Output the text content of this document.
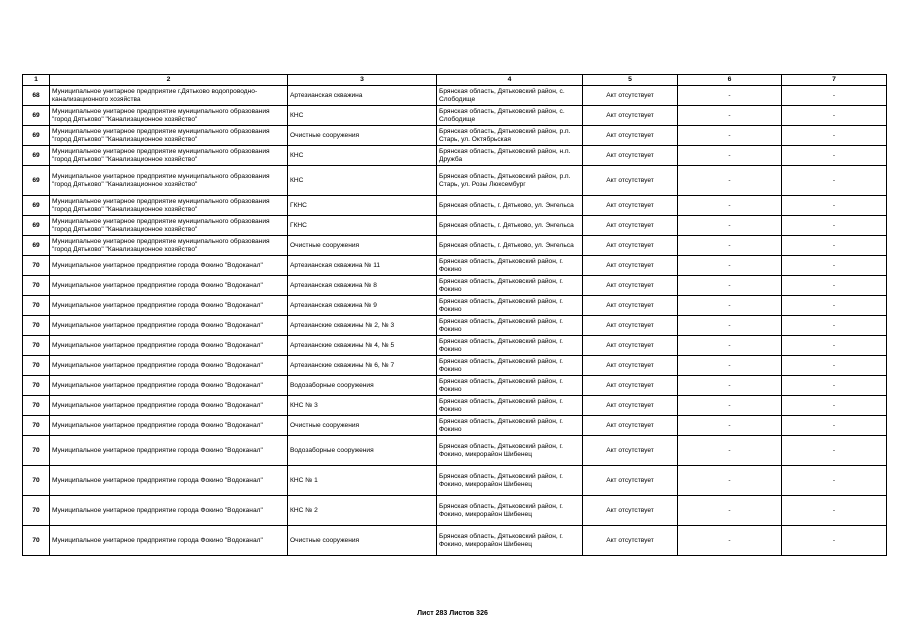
1	2	3	4	5	6	7
68	Муниципальное унитарное предприятие г.Дятьково водопроводно-канализационного хозяйства	Артезианская скважина	Брянская область, Дятьковский район, с. Слободище	Акт отсутствует	-	-
69	Муниципальное унитарное предприятие муниципального образования "город Дятьково" "Канализационное хозяйство"	КНС	Брянская область, Дятьковский район, с. Слободище	Акт отсутствует	-	-
69	Муниципальное унитарное предприятие муниципального образования "город Дятьково" "Канализационное хозяйство"	Очистные сооружения	Брянская область, Дятьковский район, р.п. Старь, ул. Октябрьская	Акт отсутствует	-	-
69	Муниципальное унитарное предприятие муниципального образования "город Дятьково" "Канализационное хозяйство"	КНС	Брянская область, Дятьковский район, н.п. Дружба	Акт отсутствует	-	-
69	Муниципальное унитарное предприятие муниципального образования "город Дятьково" "Канализационное хозяйство"	КНС	Брянская область, Дятьковский район, р.п. Старь, ул. Розы Люксембург	Акт отсутствует	-	-
69	Муниципальное унитарное предприятие муниципального образования "город Дятьково" "Канализационное хозяйство"	ГКНС	Брянская область, г. Дятьково, ул. Энгельса	Акт отсутствует	-	-
69	Муниципальное унитарное предприятие муниципального образования "город Дятьково" "Канализационное хозяйство"	ГКНС	Брянская область, г. Дятьково, ул. Энгельса	Акт отсутствует	-	-
69	Муниципальное унитарное предприятие муниципального образования "город Дятьково" "Канализационное хозяйство"	Очистные сооружения	Брянская область, г. Дятьково, ул. Энгельса	Акт отсутствует	-	-
70	Муниципальное унитарное предприятие города Фокино "Водоканал"	Артезианская скважина № 11	Брянская область, Дятьковский район, г. Фокино	Акт отсутствует	-	-
70	Муниципальное унитарное предприятие города Фокино "Водоканал"	Артезианская скважина № 8	Брянская область, Дятьковский район, г. Фокино	Акт отсутствует	-	-
70	Муниципальное унитарное предприятие города Фокино "Водоканал"	Артезианская скважина № 9	Брянская область, Дятьковский район, г. Фокино	Акт отсутствует	-	-
70	Муниципальное унитарное предприятие города Фокино "Водоканал"	Артезианские скважины № 2, № 3	Брянская область, Дятьковский район, г. Фокино	Акт отсутствует	-	-
70	Муниципальное унитарное предприятие города Фокино "Водоканал"	Артезианские скважины № 4, № 5	Брянская область, Дятьковский район, г. Фокино	Акт отсутствует	-	-
70	Муниципальное унитарное предприятие города Фокино "Водоканал"	Артезианские скважины № 6, № 7	Брянская область, Дятьковский район, г. Фокино	Акт отсутствует	-	-
70	Муниципальное унитарное предприятие города Фокино "Водоканал"	Водозаборные сооружения	Брянская область, Дятьковский район, г. Фокино	Акт отсутствует	-	-
70	Муниципальное унитарное предприятие города Фокино "Водоканал"	КНС № 3	Брянская область, Дятьковский район, г. Фокино	Акт отсутствует	-	-
70	Муниципальное унитарное предприятие города Фокино "Водоканал"	Очистные сооружения	Брянская область, Дятьковский район, г. Фокино	Акт отсутствует	-	-
70	Муниципальное унитарное предприятие города Фокино "Водоканал"	Водозаборные сооружения	Брянская область, Дятьковский район, г. Фокино, микрорайон Шибенец	Акт отсутствует	-	-
70	Муниципальное унитарное предприятие города Фокино "Водоканал"	КНС № 1	Брянская область, Дятьковский район, г. Фокино, микрорайон Шибенец	Акт отсутствует	-	-
70	Муниципальное унитарное предприятие города Фокино "Водоканал"	КНС № 2	Брянская область, Дятьковский район, г. Фокино, микрорайон Шибенец	Акт отсутствует	-	-
70	Муниципальное унитарное предприятие города Фокино "Водоканал"	Очистные сооружения	Брянская область, Дятьковский район, г. Фокино, микрорайон Шибенец	Акт отсутствует	-	-
Лист 283 Листов 326
